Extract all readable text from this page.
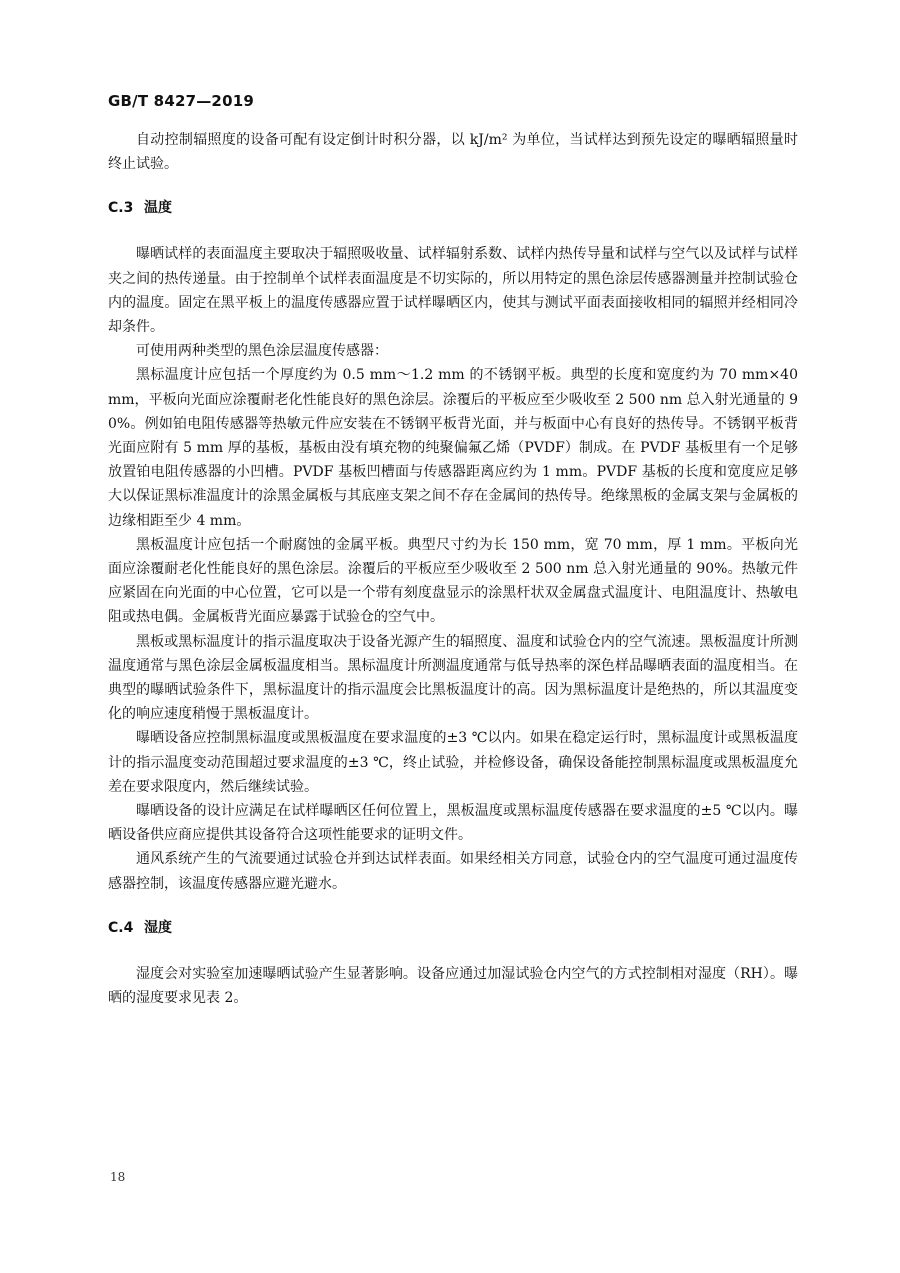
GB/T 8427—2019

自动控制辐照度的设备可配有设定倒计时积分器，以 kJ/m² 为单位，当试样达到预先设定的曝晒辐照量时终止试验。

C.3 温度

曝晒试样的表面温度主要取决于辐照吸收量、试样辐射系数、试样内热传导量和试样与空气以及试样与试样夹之间的热传递量。由于控制单个试样表面温度是不切实际的，所以用特定的黑色涂层传感器测量并控制试验仓内的温度。固定在黑平板上的温度传感器应置于试样曝晒区内，使其与测试平面表面接收相同的辐照并经相同冷却条件。

可使用两种类型的黑色涂层温度传感器：

黑标温度计应包括一个厚度约为 0.5 mm～1.2 mm 的不锈钢平板。典型的长度和宽度约为 70 mm×40 mm，平板向光面应涂覆耐老化性能良好的黑色涂层。涂覆后的平板应至少吸收至 2 500 nm 总入射光通量的 90%。例如铂电阻传感器等热敏元件应安装在不锈钢平板背光面，并与板面中心有良好的热传导。不锈钢平板背光面应附有 5 mm 厚的基板，基板由没有填充物的纯聚偏氟乙烯（PVDF）制成。在 PVDF 基板里有一个足够放置铂电阻传感器的小凹槽。PVDF 基板凹槽面与传感器距离应约为 1 mm。PVDF 基板的长度和宽度应足够大以保证黑标准温度计的涂黑金属板与其底座支架之间不存在金属间的热传导。绝缘黑板的金属支架与金属板的边缘相距至少 4 mm。

黑板温度计应包括一个耐腐蚀的金属平板。典型尺寸约为长 150 mm，宽 70 mm，厚 1 mm。平板向光面应涂覆耐老化性能良好的黑色涂层。涂覆后的平板应至少吸收至 2 500 nm 总入射光通量的 90%。热敏元件应紧固在向光面的中心位置，它可以是一个带有刻度盘显示的涂黑杆状双金属盘式温度计、电阻温度计、热敏电阻或热电偶。金属板背光面应暴露于试验仓的空气中。

黑板或黑标温度计的指示温度取决于设备光源产生的辐照度、温度和试验仓内的空气流速。黑板温度计所测温度通常与黑色涂层金属板温度相当。黑标温度计所测温度通常与低导热率的深色样品曝晒表面的温度相当。在典型的曝晒试验条件下，黑标温度计的指示温度会比黑板温度计的高。因为黑标温度计是绝热的，所以其温度变化的响应速度稍慢于黑板温度计。

曝晒设备应控制黑标温度或黑板温度在要求温度的±3 ℃以内。如果在稳定运行时，黑标温度计或黑板温度计的指示温度变动范围超过要求温度的±3 ℃，终止试验，并检修设备，确保设备能控制黑标温度或黑板温度允差在要求限度内，然后继续试验。

曝晒设备的设计应满足在试样曝晒区任何位置上，黑板温度或黑标温度传感器在要求温度的±5 ℃以内。曝晒设备供应商应提供其设备符合这项性能要求的证明文件。

通风系统产生的气流要通过试验仓并到达试样表面。如果经相关方同意，试验仓内的空气温度可通过温度传感器控制，该温度传感器应避光避水。

C.4 湿度

湿度会对实验室加速曝晒试验产生显著影响。设备应通过加湿试验仓内空气的方式控制相对湿度（RH）。曝晒的湿度要求见表 2。

18
